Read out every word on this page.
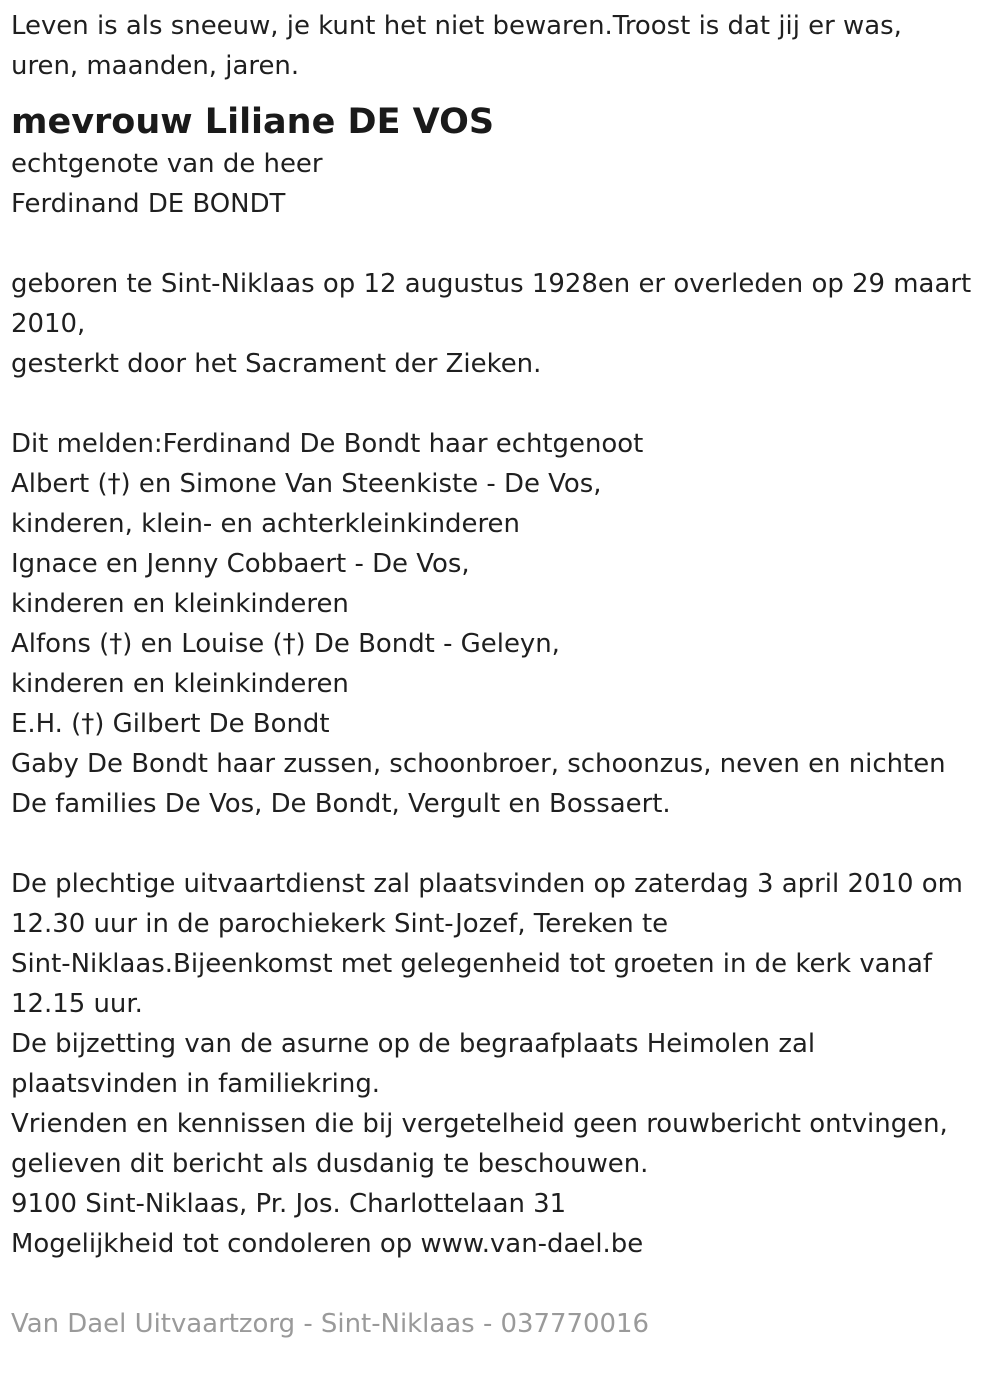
Leven is als sneeuw, je kunt het niet bewaren.Troost is dat jij er was,
uren, maanden, jaren.
mevrouw Liliane DE VOS
echtgenote van de heer
Ferdinand DE BONDT
geboren te Sint-Niklaas op 12 augustus 1928en er overleden op 29 maart
2010,
gesterkt door het Sacrament der Zieken.
Dit melden:Ferdinand De Bondt haar echtgenoot
Albert (†) en Simone Van Steenkiste - De Vos,
kinderen, klein- en achterkleinkinderen
Ignace en Jenny Cobbaert - De Vos,
kinderen en kleinkinderen
Alfons (†) en Louise (†) De Bondt - Geleyn,
kinderen en kleinkinderen
E.H. (†) Gilbert De Bondt
Gaby De Bondt haar zussen, schoonbroer, schoonzus, neven en nichten
De families De Vos, De Bondt, Vergult en Bossaert.
De plechtige uitvaartdienst zal plaatsvinden op zaterdag 3 april 2010 om
12.30 uur in de parochiekerk Sint-Jozef, Tereken te
Sint-Niklaas.Bijeenkomst met gelegenheid tot groeten in de kerk vanaf
12.15 uur.
De bijzetting van de asurne op de begraafplaats Heimolen zal
plaatsvinden in familiekring.
Vrienden en kennissen die bij vergetelheid geen rouwbericht ontvingen,
gelieven dit bericht als dusdanig te beschouwen.
9100 Sint-Niklaas, Pr. Jos. Charlottelaan 31
Mogelijkheid tot condoleren op www.van-dael.be
Van Dael Uitvaartzorg - Sint-Niklaas - 037770016
